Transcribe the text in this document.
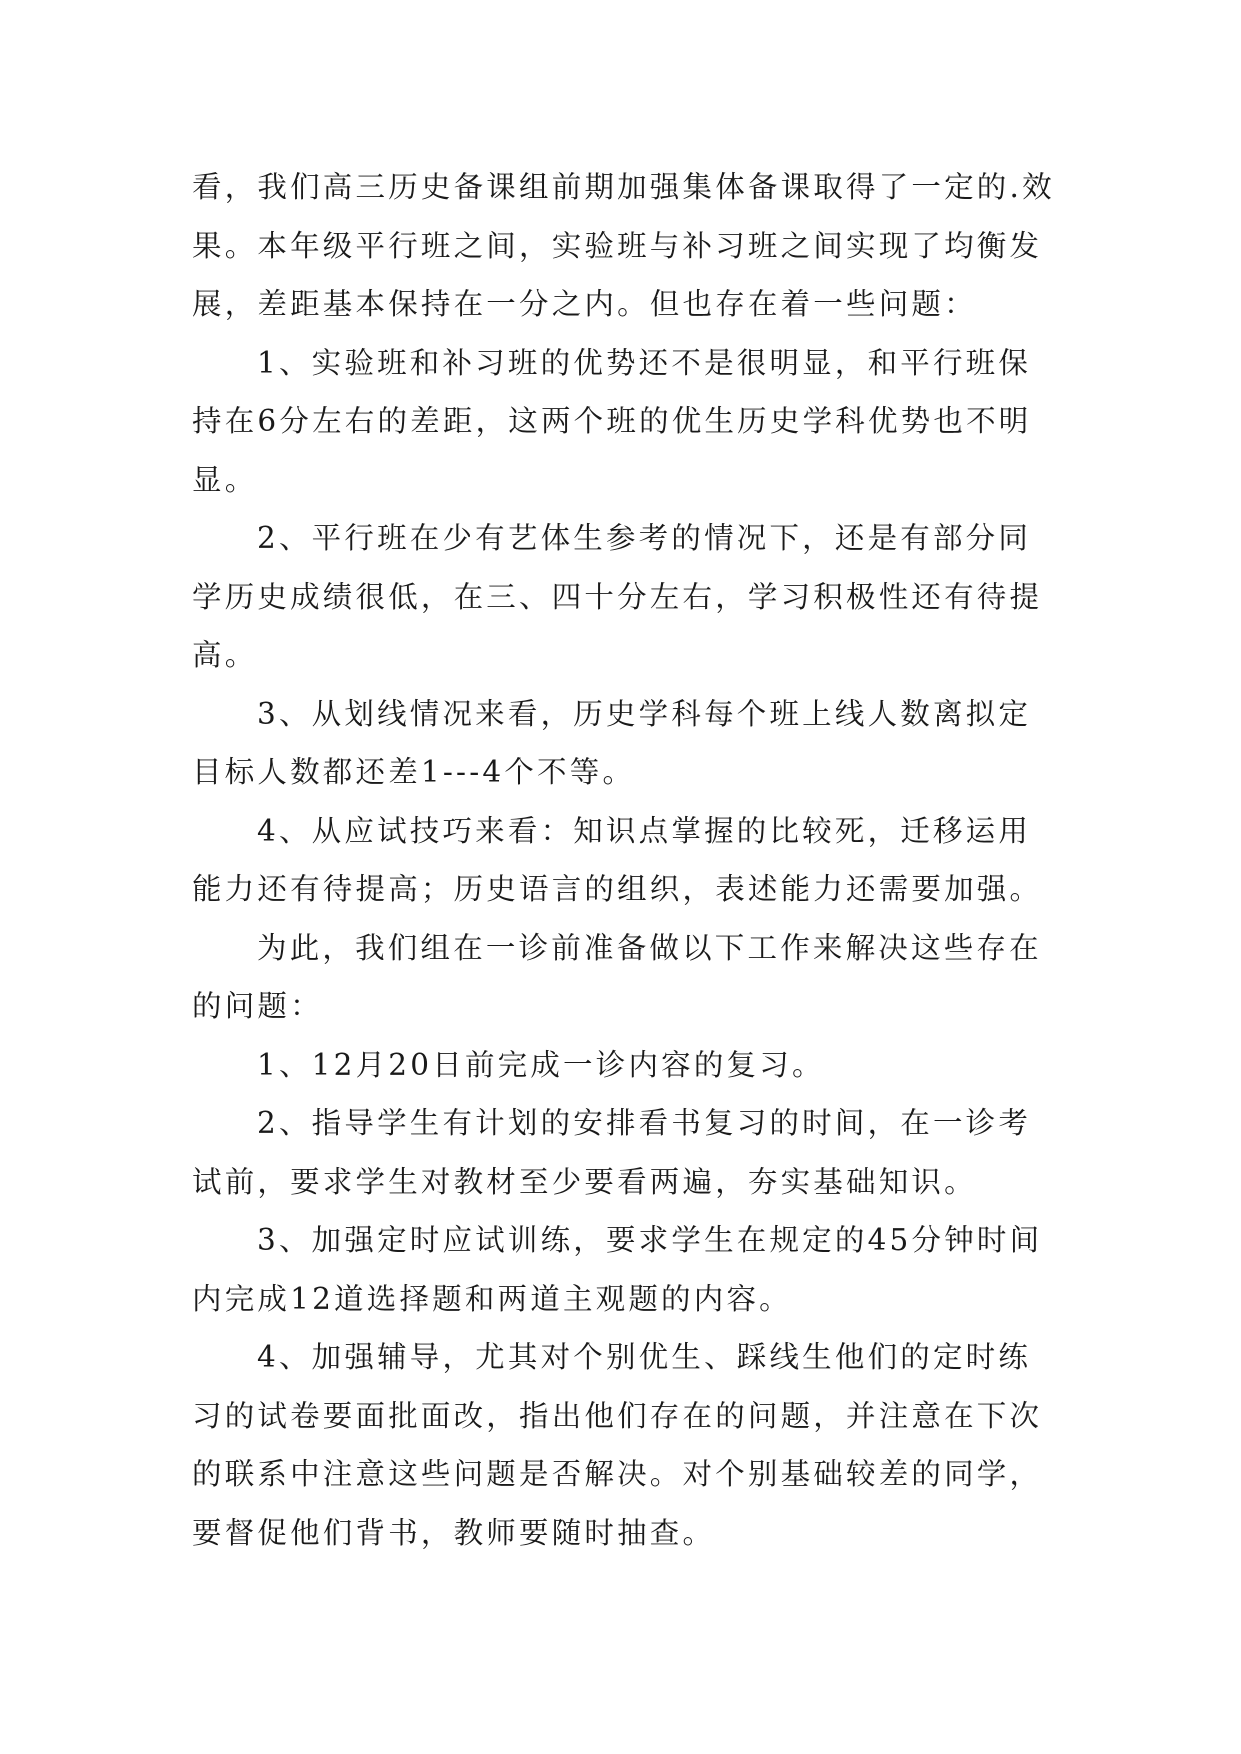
看，我们高三历史备课组前期加强集体备课取得了一定的.效果。本年级平行班之间，实验班与补习班之间实现了均衡发展，差距基本保持在一分之内。但也存在着一些问题：

1、实验班和补习班的优势还不是很明显，和平行班保持在6分左右的差距，这两个班的优生历史学科优势也不明显。

2、平行班在少有艺体生参考的情况下，还是有部分同学历史成绩很低，在三、四十分左右，学习积极性还有待提高。

3、从划线情况来看，历史学科每个班上线人数离拟定目标人数都还差1---4个不等。

4、从应试技巧来看：知识点掌握的比较死，迁移运用能力还有待提高；历史语言的组织，表述能力还需要加强。

为此，我们组在一诊前准备做以下工作来解决这些存在的问题：

1、12月20日前完成一诊内容的复习。

2、指导学生有计划的安排看书复习的时间，在一诊考试前，要求学生对教材至少要看两遍，夯实基础知识。

3、加强定时应试训练，要求学生在规定的45分钟时间内完成12道选择题和两道主观题的内容。

4、加强辅导，尤其对个别优生、踩线生他们的定时练习的试卷要面批面改，指出他们存在的问题，并注意在下次的联系中注意这些问题是否解决。对个别基础较差的同学，要督促他们背书，教师要随时抽查。
